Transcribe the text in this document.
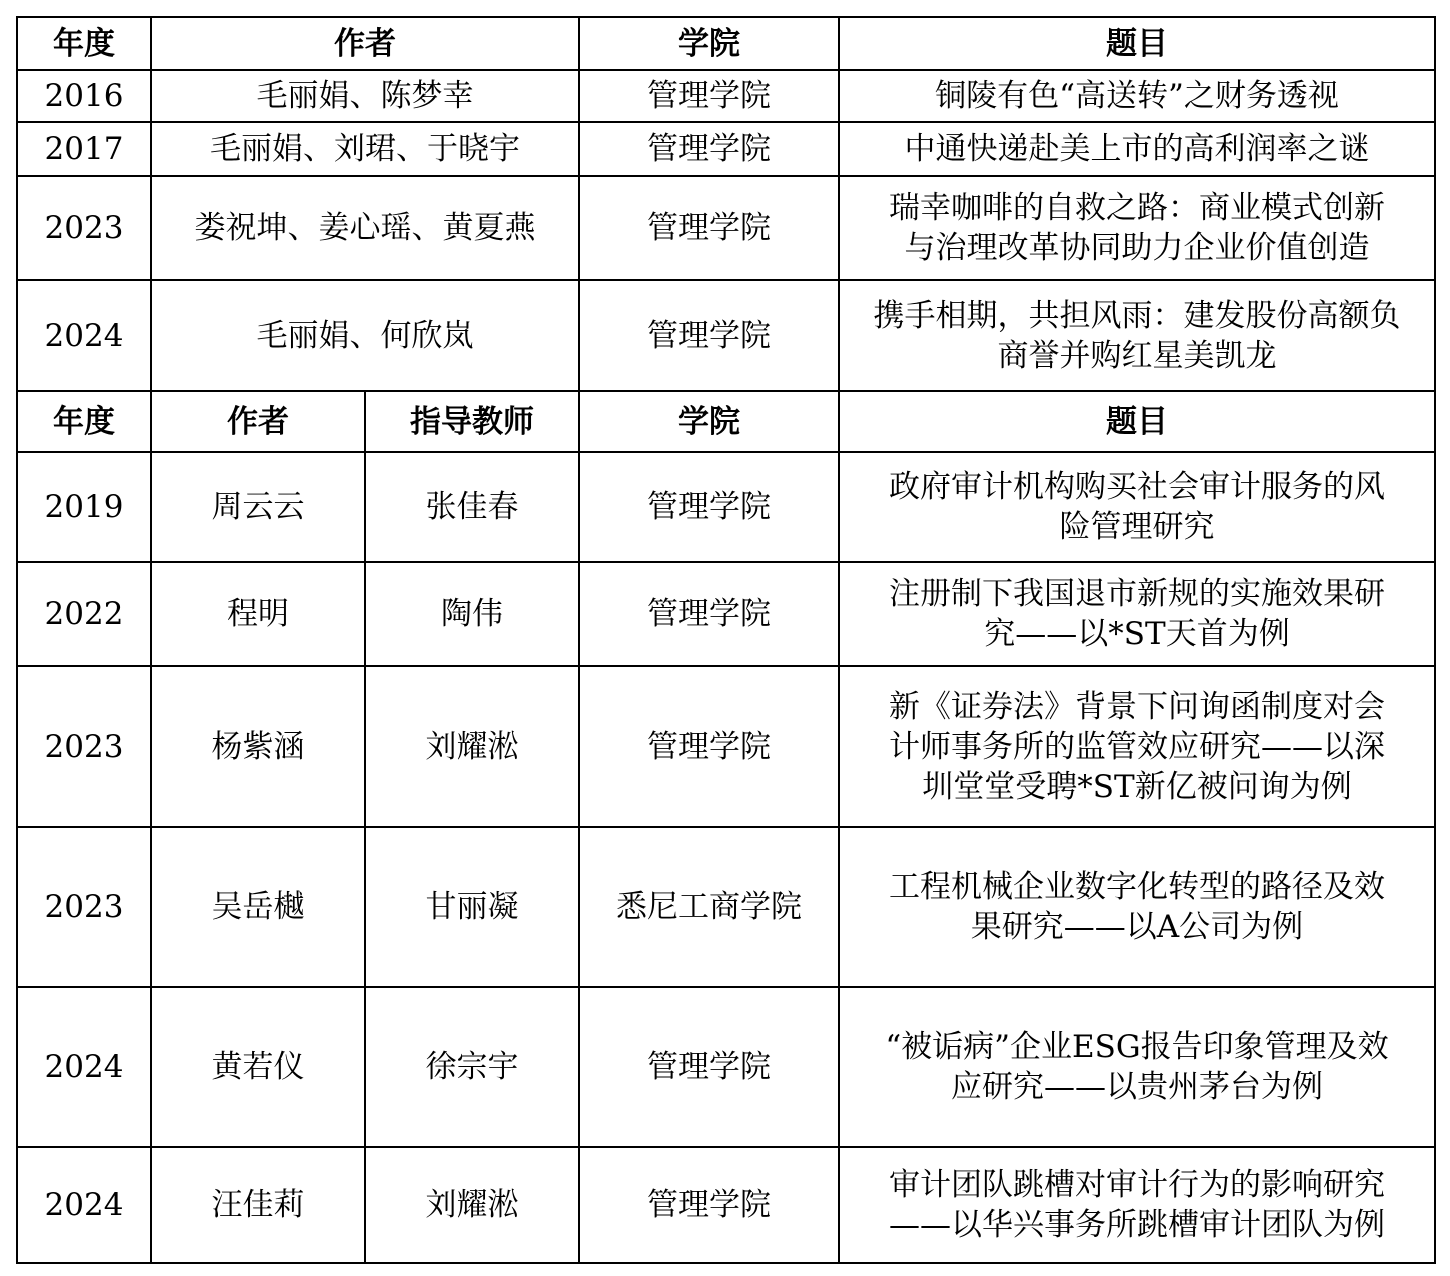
年度	作者		学院	题目
2016	毛丽娟、陈梦幸		管理学院	铜陵有色“高送转”之财务透视

2017	毛丽娟、刘珺、于晓宇		管理学院	中通快递赴美上市的高利润率之谜

2023	娄祝坤、姜心瑶、黄夏燕		管理学院	瑞幸咖啡的自救之路：商业模式创新
与治理改革协同助力企业价值创造

2024	毛丽娟、何欣岚		管理学院	携手相期，共担风雨：建发股份高额负
商誉并购红星美凯龙

年度	作者	指导教师	学院	题目
2019	周云云	张佳春	管理学院	政府审计机构购买社会审计服务的风
险管理研究

2022	程明	陶伟	管理学院	注册制下我国退市新规的实施效果研
究——以*ST天首为例

2023	杨紫涵	刘耀淞	管理学院	新《证券法》背景下问询函制度对会
计师事务所的监管效应研究——以深
圳堂堂受聘*ST新亿被问询为例

2023	吴岳樾	甘丽凝	悉尼工商学院	工程机械企业数字化转型的路径及效
果研究——以A公司为例

2024	黄若仪	徐宗宇	管理学院	“被诟病”企业ESG报告印象管理及效
应研究——以贵州茅台为例

2024	汪佳莉	刘耀淞	管理学院	审计团队跳槽对审计行为的影响研究
——以华兴事务所跳槽审计团队为例
